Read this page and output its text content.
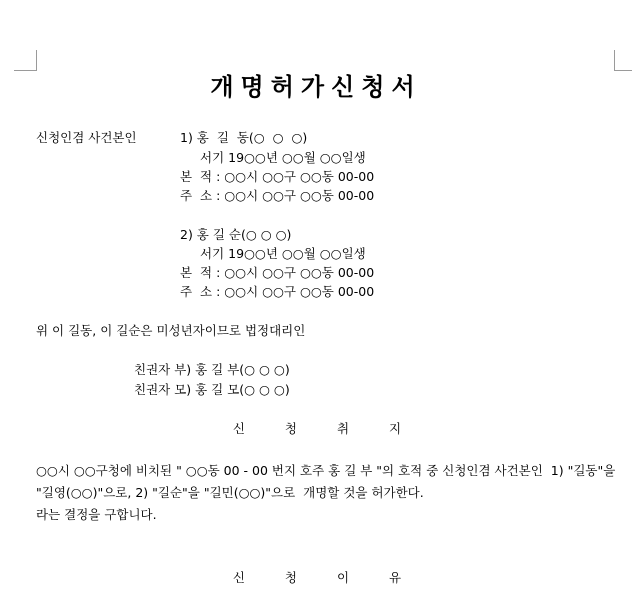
개명허가신청서
신청인겸 사건본인	1) 홍  길  동(○  ○  ○)
서기 19○○년 ○○월 ○○일생
본  적 : ○○시 ○○구 ○○동 00-00
주  소 : ○○시 ○○구 ○○동 00-00
2) 홍 길 순(○ ○ ○)
서기 19○○년 ○○월 ○○일생
본  적 : ○○시 ○○구 ○○동 00-00
주  소 : ○○시 ○○구 ○○동 00-00
위 이 길동, 이 길순은 미성년자이므로 법정대리인
친권자 부) 홍 길 부(○ ○ ○)
친권자 모) 홍 길 모(○ ○ ○)
신 청 취 지
○○시 ○○구청에 비치된 " ○○동 00 - 00 번지 호주 홍 길 부 "의 호적 중 신청인겸 사건본인  1) "길동"을 "길영(○○)"으로, 2) "길순"을 "길민(○○)"으로  개명할 것을 허가한다.
라는 결정을 구합니다.
신 청 이 유
